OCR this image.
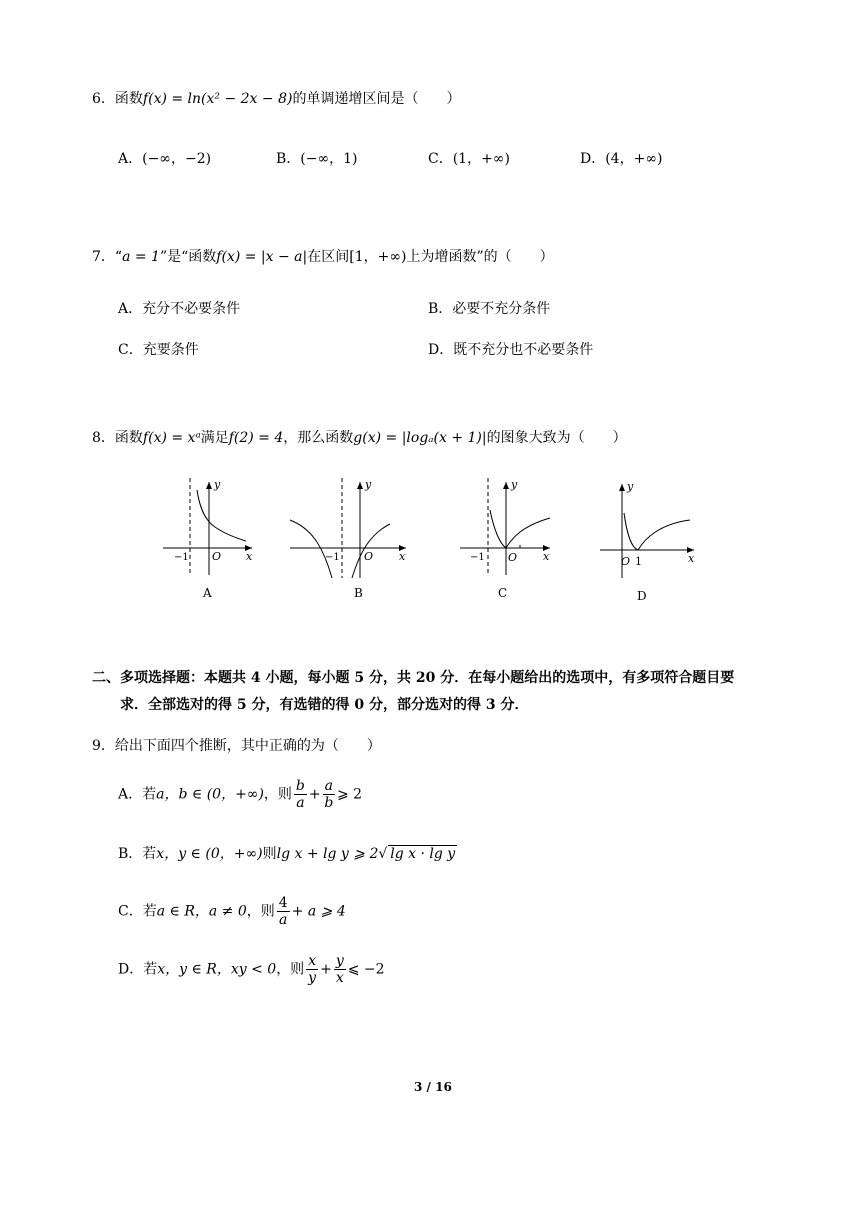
6．函数f(x) = ln(x² − 2x − 8)的单调递增区间是（　　）
A．(−∞，−2)	B．(−∞，1)	C．(1，+∞)	D．(4，+∞)
7．“a = 1”是“函数f(x) = |x − a|在区间[1，+∞)上为增函数”的（　　）
A．充分不必要条件	B．必要不充分条件
C．充要条件	D．既不充分也不必要条件
8．函数f(x) = xᵃ满足f(2) = 4，那么函数g(x) = |logₐ(x + 1)|的图象大致为（　　）
−1 O x
y
A
−1 O x
y
B
−1 O x
y
C
O 1	x
y
D
二、多项选择题：本题共 4 小题，每小题 5 分，共 20 分．在每小题给出的选项中，有多项符合题目要
求．全部选对的得 5 分，有选错的得 0 分，部分选对的得 3 分．
9．给出下面四个推断，其中正确的为（　　）
A．若a，b ∈ (0，+∞)，则 $\frac{b}{a} + \frac{a}{b}$ ⩾ 2
B．若x，y ∈ (0，+∞)则lg x + lg y ⩾ 2√ lg x · lg y
C．若a ∈ R，a ≠ 0，则 $\frac{4}{a} + a$ ⩾ 4
D．若x，y ∈ R，xy < 0，则 $\frac{x}{y} + \frac{y}{x}$ ⩽ −2
3 / 16
